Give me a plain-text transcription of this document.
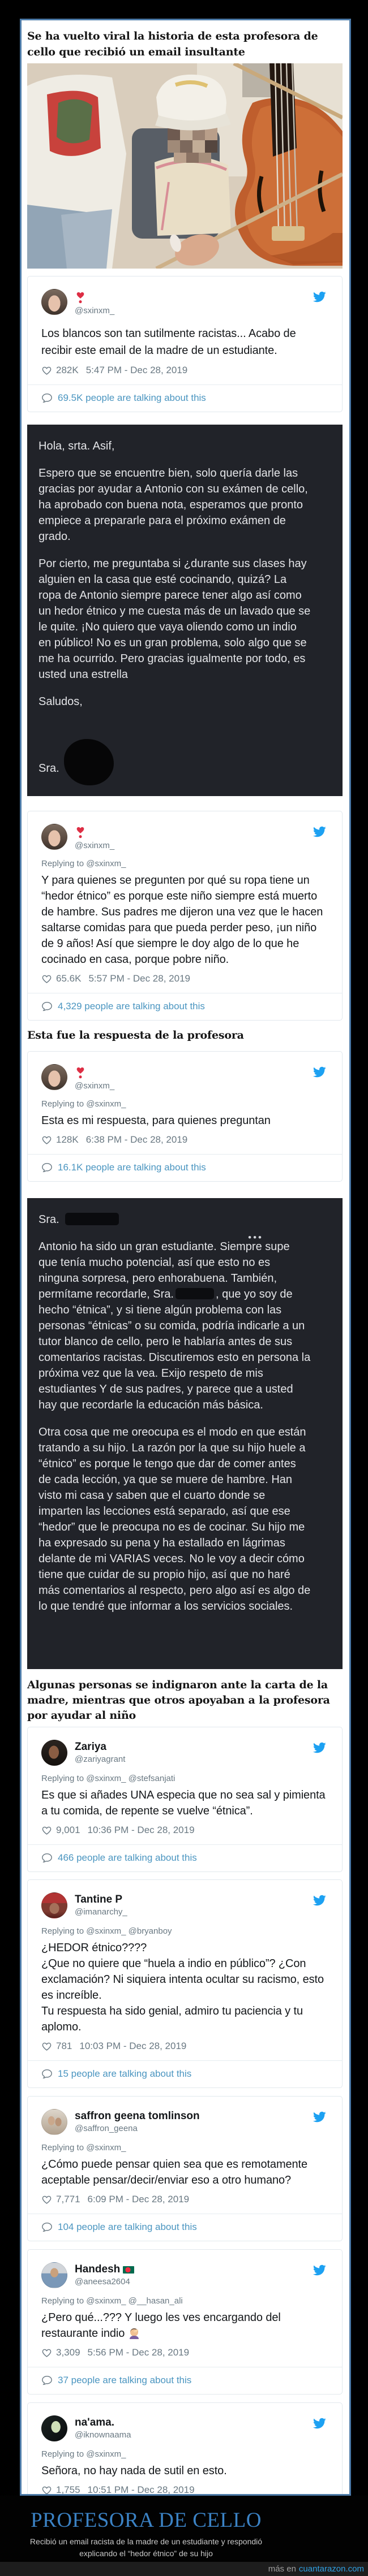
Se ha vuelto viral la historia de esta profesora de cello que recibió un email insultante
@sxinxm_

Los blancos son tan sutilmente racistas... Acabo de recibir este email de la madre de un estudiante.

282K 5:47 PM - Dec 28, 2019
69.5K people are talking about this

Hola, srta. Asif,

Espero que se encuentre bien, solo quería darle las gracias por ayudar a Antonio con su exámen de cello, ha aprobado con buena nota, esperamos que pronto empiece a prepararle para el próximo exámen de grado.

Por cierto, me preguntaba si ¿durante sus clases hay alguien en la casa que esté cocinando, quizá? La ropa de Antonio siempre parece tener algo así como un hedor étnico y me cuesta más de un lavado que se le quite. ¡No quiero que vaya oliendo como un indio en público! No es un gran problema, solo algo que se me ha ocurrido. Pero gracias igualmente por todo, es usted una estrella

Saludos,

Sra.
@sxinxm_
Replying to @sxinxm_

Y para quienes se pregunten por qué su ropa tiene un “hedor étnico” es porque este niño siempre está muerto de hambre. Sus padres me dijeron una vez que le hacen saltarse comidas para que pueda perder peso, ¡un niño de 9 años! Así que siempre le doy algo de lo que he cocinado en casa, porque pobre niño.

65.6K 5:57 PM - Dec 28, 2019
4,329 people are talking about this
Esta fue la respuesta de la profesora
@sxinxm_
Replying to @sxinxm_

Esta es mi respuesta, para quienes preguntan

128K 6:38 PM - Dec 28, 2019
16.1K people are talking about this

Sra.

•••

Antonio ha sido un gran estudiante. Siempre supe que tenía mucho potencial, así que esto no es ninguna sorpresa, pero enhorabuena. También, permítame recordarle, Sra.	, que yo soy de hecho “étnica”, y si tiene algún problema con las personas “étnicas” o su comida, podría indicarle a un tutor blanco de cello, pero le hablaría antes de sus comentarios racistas. Discutiremos esto en persona la próxima vez que la vea. Exijo respeto de mis estudiantes Y de sus padres, y parece que a usted hay que recordarle la educación más básica.

Otra cosa que me oreocupa es el modo en que están tratando a su hijo. La razón por la que su hijo huele a “étnico” es porque le tengo que dar de comer antes de cada lección, ya que se muere de hambre. Han visto mi casa y saben que el cuarto donde se imparten las lecciones está separado, así que ese “hedor” que le preocupa no es de cocinar. Su hijo me ha expresado su pena y ha estallado en lágrimas delante de mi VARIAS veces. No le voy a decir cómo tiene que cuidar de su propio hijo, así que no haré más comentarios al respecto, pero algo así es algo de lo que tendré que informar a los servicios sociales.

Algunas personas se indignaron ante la carta de la madre, mientras que otros apoyaban a la profesora por ayudar al niño
Zariya
@zariyagrant
Replying to @sxinxm_ @stefsanjati

Es que si añades UNA especia que no sea sal y pimienta a tu comida, de repente se vuelve “étnica”.

9,001 10:36 PM - Dec 28, 2019
466 people are talking about this
Tantine P
@imanarchy_
Replying to @sxinxm_ @bryanboy

¿HEDOR étnico????

¿Que no quiere que “huela a indio en público”? ¿Con exclamación? Ni siquiera intenta ocultar su racismo, esto es increíble.

Tu respuesta ha sido genial, admiro tu paciencia y tu aplomo.

781 10:03 PM - Dec 28, 2019
15 people are talking about this
saffron geena tomlinson
@saffron_geena
Replying to @sxinxm_

¿Cómo puede pensar quien sea que es remotamente aceptable pensar/decir/enviar eso a otro humano?

7,771 6:09 PM - Dec 28, 2019
104 people are talking about this
Handesh
@aneesa2604
Replying to @sxinxm_ @__hasan_ali

¿Pero qué...??? Y luego les ves encargando del restaurante indio

3,309 5:56 PM - Dec 28, 2019
37 people are talking about this
na'ama.
@iknownaama
Replying to @sxinxm_

Señora, no hay nada de sutil en esto.

1,755 10:51 PM - Dec 28, 2019
PROFESORA DE CELLO
Recibió un email racista de la madre de un estudiante y respondió explicando el “hedor étnico” de su hijo
más en cuantarazon.com
